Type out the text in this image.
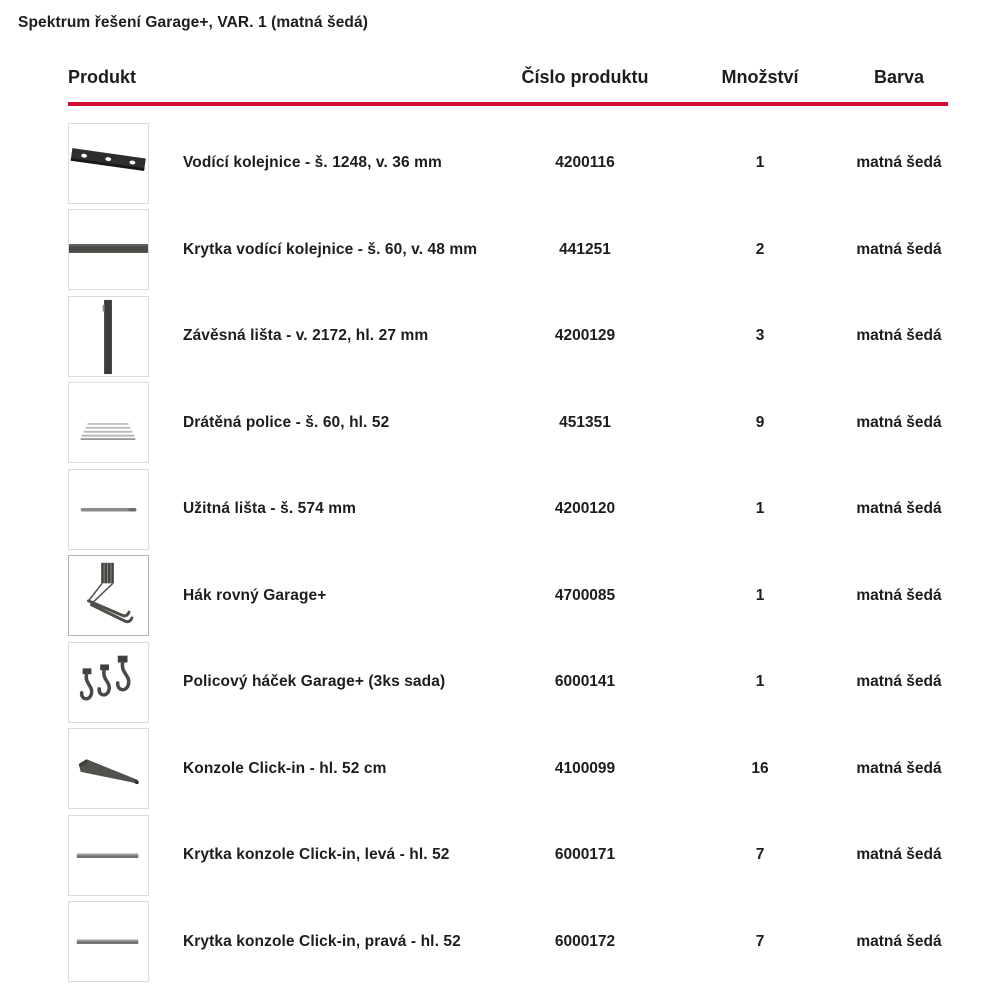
Spektrum řešení Garage+, VAR. 1 (matná šedá)
Produkt	Číslo produktu	Množství	Barva
Vodící kolejnice - š. 1248, v. 36 mm	4200116	1	matná šedá
Krytka vodící kolejnice - š. 60, v. 48 mm	441251	2	matná šedá
Závěsná lišta - v. 2172, hl. 27 mm	4200129	3	matná šedá
Drátěná police - š. 60, hl. 52	451351	9	matná šedá
Užitná lišta - š. 574 mm	4200120	1	matná šedá
Hák rovný Garage+	4700085	1	matná šedá
Policový háček Garage+ (3ks sada)	6000141	1	matná šedá
Konzole Click-in - hl. 52 cm	4100099	16	matná šedá
Krytka konzole Click-in, levá - hl. 52	6000171	7	matná šedá
Krytka konzole Click-in, pravá - hl. 52	6000172	7	matná šedá
